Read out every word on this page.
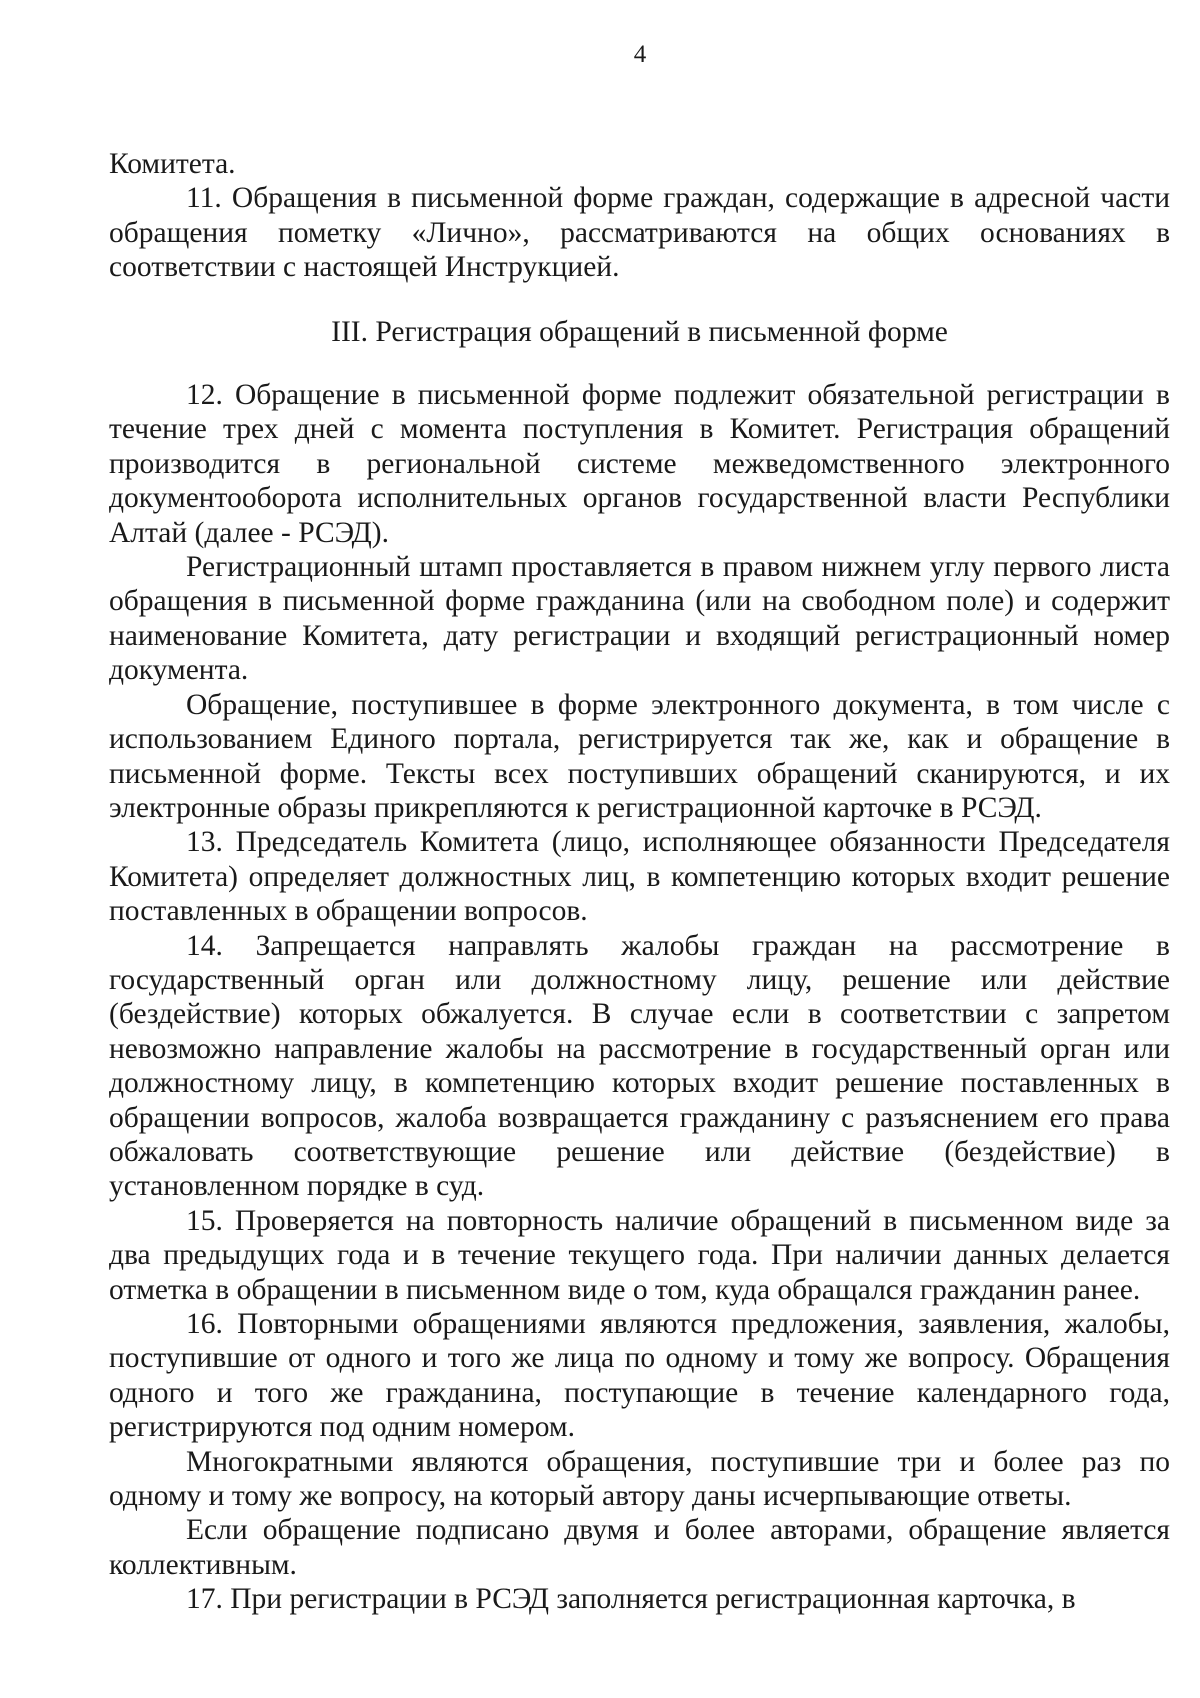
4

Комитета.

11. Обращения в письменной форме граждан, содержащие в адресной части обращения пометку «Лично», рассматриваются на общих основаниях в соответствии с настоящей Инструкцией.

III. Регистрация обращений в письменной форме

12. Обращение в письменной форме подлежит обязательной регистрации в течение трех дней с момента поступления в Комитет. Регистрация обращений производится в региональной системе межведомственного электронного документооборота исполнительных органов государственной власти Республики Алтай (далее - РСЭД).

Регистрационный штамп проставляется в правом нижнем углу первого листа обращения в письменной форме гражданина (или на свободном поле) и содержит наименование Комитета, дату регистрации и входящий регистрационный номер документа.

Обращение, поступившее в форме электронного документа, в том числе с использованием Единого портала, регистрируется так же, как и обращение в письменной форме. Тексты всех поступивших обращений сканируются, и их электронные образы прикрепляются к регистрационной карточке в РСЭД.

13. Председатель Комитета (лицо, исполняющее обязанности Председателя Комитета) определяет должностных лиц, в компетенцию которых входит решение поставленных в обращении вопросов.

14. Запрещается направлять жалобы граждан на рассмотрение в государственный орган или должностному лицу, решение или действие (бездействие) которых обжалуется. В случае если в соответствии с запретом невозможно направление жалобы на рассмотрение в государственный орган или должностному лицу, в компетенцию которых входит решение поставленных в обращении вопросов, жалоба возвращается гражданину с разъяснением его права обжаловать соответствующие решение или действие (бездействие) в установленном порядке в суд.

15. Проверяется на повторность наличие обращений в письменном виде за два предыдущих года и в течение текущего года. При наличии данных делается отметка в обращении в письменном виде о том, куда обращался гражданин ранее.

16. Повторными обращениями являются предложения, заявления, жалобы, поступившие от одного и того же лица по одному и тому же вопросу. Обращения одного и того же гражданина, поступающие в течение календарного года, регистрируются под одним номером.

Многократными являются обращения, поступившие три и более раз по одному и тому же вопросу, на который автору даны исчерпывающие ответы.

Если обращение подписано двумя и более авторами, обращение является коллективным.

17. При регистрации в РСЭД заполняется регистрационная карточка, в
